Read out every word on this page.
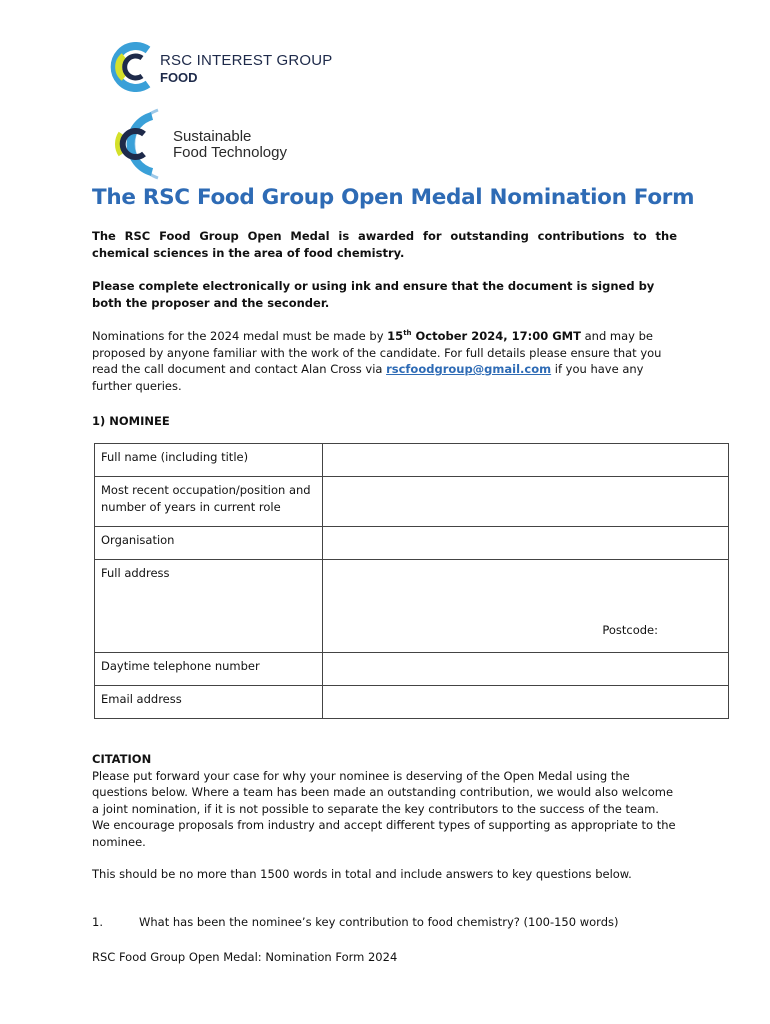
RSC INTEREST GROUP
FOOD
Sustainable
Food Technology
The RSC Food Group Open Medal Nomination Form
The RSC Food Group Open Medal is awarded for outstanding contributions to the chemical sciences in the area of food chemistry.
Please complete electronically or using ink and ensure that the document is signed by both the proposer and the seconder.
Nominations for the 2024 medal must be made by 15th October 2024, 17:00 GMT and may be proposed by anyone familiar with the work of the candidate. For full details please ensure that you read the call document and contact Alan Cross via rscfoodgroup@gmail.com if you have any further queries.
1) NOMINEE
Full name (including title)	
Most recent occupation/position and number of years in current role	
Organisation	
Full address	Postcode:

Daytime telephone number	
Email address	
CITATION
Please put forward your case for why your nominee is deserving of the Open Medal using the questions below. Where a team has been made an outstanding contribution, we would also welcome a joint nomination, if it is not possible to separate the key contributors to the success of the team.
We encourage proposals from industry and accept different types of supporting as appropriate to the nominee.
This should be no more than 1500 words in total and include answers to key questions below.
1.	What has been the nominee’s key contribution to food chemistry? (100-150 words)
RSC Food Group Open Medal: Nomination Form 2024
